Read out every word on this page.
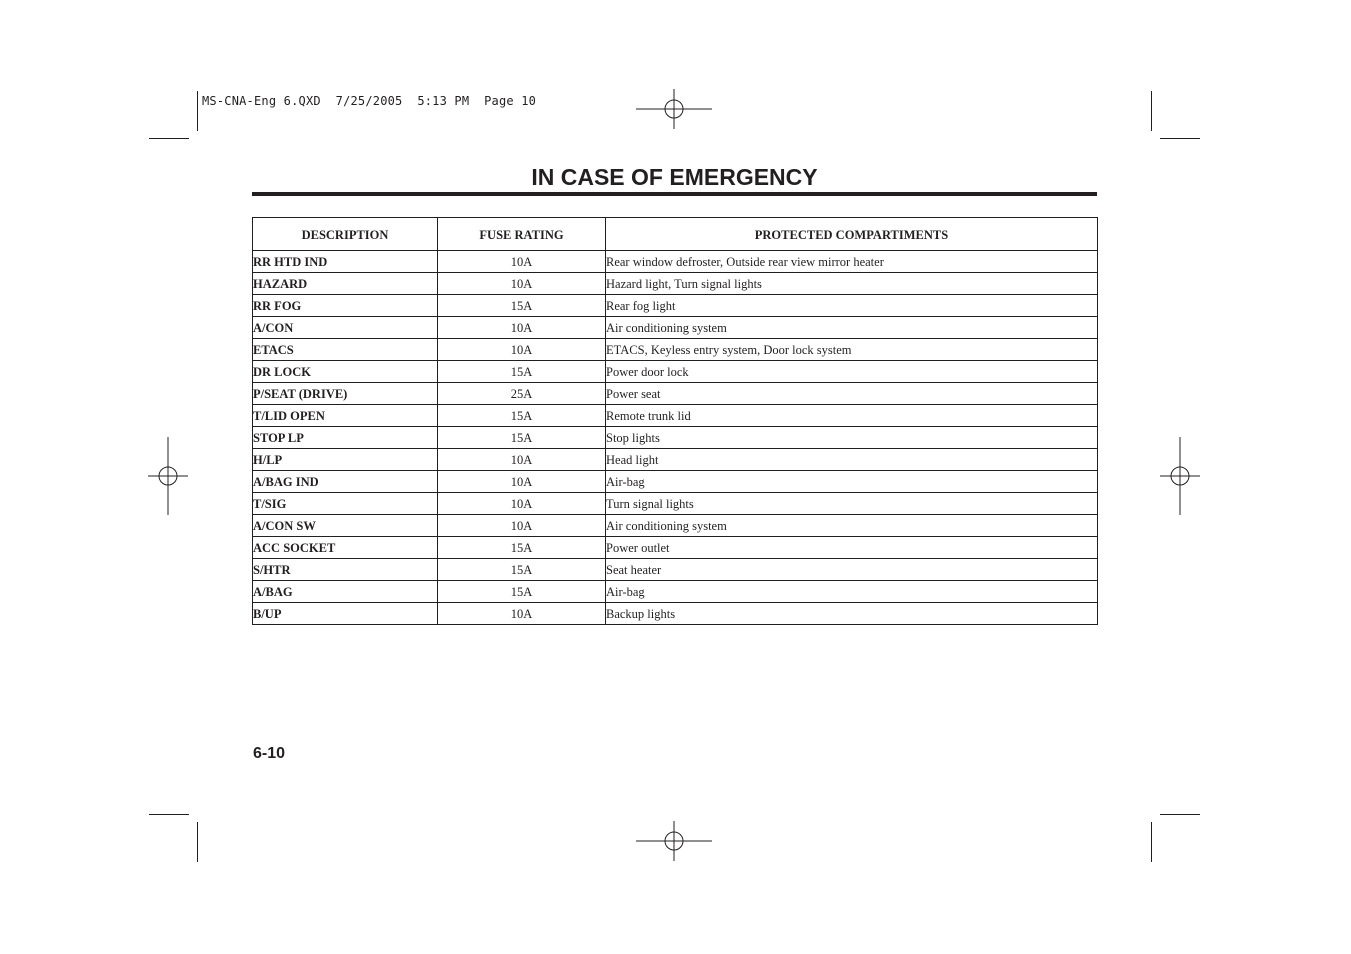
MS-CNA-Eng 6.QXD  7/25/2005  5:13 PM  Page 10
IN CASE OF EMERGENCY
DESCRIPTION	FUSE RATING	PROTECTED COMPARTIMENTS
RR HTD IND	10A	Rear window defroster, Outside rear view mirror heater
HAZARD	10A	Hazard light, Turn signal lights
RR FOG	15A	Rear fog light
A/CON	10A	Air conditioning system
ETACS	10A	ETACS, Keyless entry system, Door lock system
DR LOCK	15A	Power door lock
P/SEAT (DRIVE)	25A	Power seat
T/LID OPEN	15A	Remote trunk lid
STOP LP	15A	Stop lights
H/LP	10A	Head light
A/BAG IND	10A	Air-bag
T/SIG	10A	Turn signal lights
A/CON SW	10A	Air conditioning system
ACC SOCKET	15A	Power outlet
S/HTR	15A	Seat heater
A/BAG	15A	Air-bag
B/UP	10A	Backup lights
6-10
